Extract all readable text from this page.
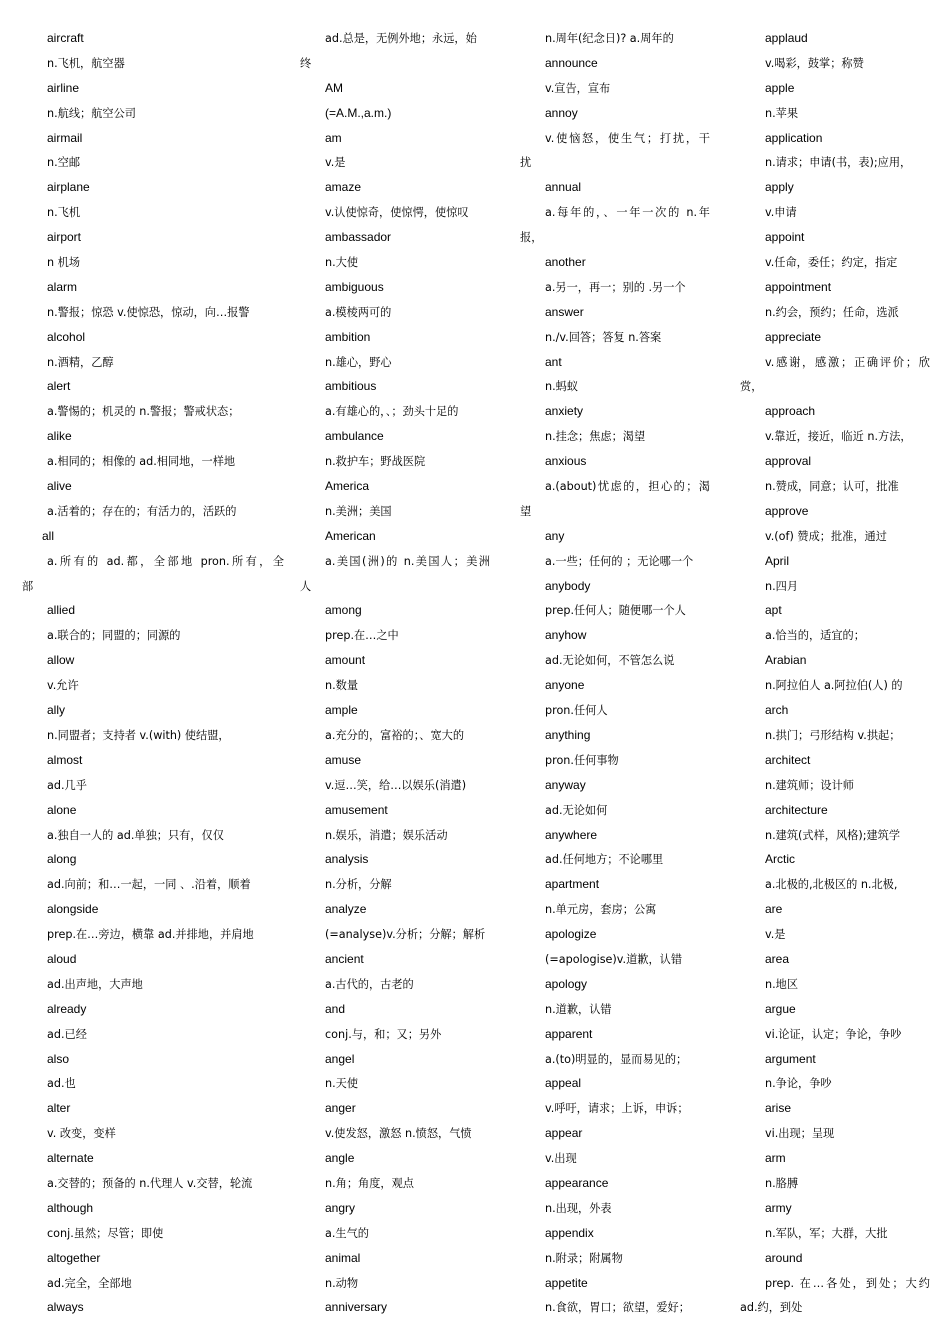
aircraft
n.飞机，航空器
airline
n.航线；航空公司
airmail
n.空邮
airplane
n.飞机
airport
n 机场
alarm
n.警报；惊恐 v.使惊恐，惊动，向…报警
alcohol
n.酒精，乙醇
alert
a.警惕的；机灵的 n.警报；警戒状态；
alike
a.相同的；相像的 ad.相同地，一样地
alive
a.活着的；存在的；有活力的，活跃的
all
a.所有的 ad.都，全部地 pron.所有，全
部
allied
a.联合的；同盟的；同源的
allow
v.允许
ally
n.同盟者；支持者 v.(with) 使结盟，
almost
ad.几乎
alone
a.独自一人的 ad.单独；只有，仅仅
along
ad.向前；和…一起，一同 、.沿着，顺着
alongside
prep.在…旁边，横靠 ad.并排地，并肩地
aloud
ad.出声地，大声地
already
ad.已经
also
ad.也
alter
v. 改变，变样
alternate
a.交替的；预备的 n.代理人 v.交替，轮流
although
conj.虽然；尽管；即使
altogether
ad.完全，全部地
always
ad.总是，无例外地；永远，始
终
AM
(=A.M.,a.m.)
am
v.是
amaze
v.认使惊奇，使惊愕，使惊叹
ambassador
n.大使
ambiguous
a.模棱两可的
ambition
n.雄心，野心
ambitious
a.有雄心的，、；劲头十足的
ambulance
n.救护车；野战医院
America
n.美洲；美国
American
a.美国(洲)的 n.美国人；美洲
人
among
prep.在…之中
amount
n.数量
ample
a.充分的，富裕的；、宽大的
amuse
v.逗…笑，给…以娱乐(消遣)
amusement
n.娱乐，消遣；娱乐活动
analysis
n.分析，分解
analyze
(=analyse)v.分析；分解；解析
ancient
a.古代的，古老的
and
conj.与，和；又；另外
angel
n.天使
anger
v.使发怒，激怒 n.愤怒，气愤
angle
n.角；角度，观点
angry
a.生气的
animal
n.动物
anniversary
n.周年(纪念日)? a.周年的
announce
v.宣告，宣布
annoy
v.使恼怒，使生气；打扰，干
扰
annual
a.每年的，、一年一次的 n.年
报，
another
a.另一，再一；别的 .另一个
answer
n./v.回答；答复 n.答案
ant
n.蚂蚁
anxiety
n.挂念；焦虑；渴望
anxious
a.(about)忧虑的，担心的；渴
望
any
a.一些；任何的 ；无论哪一个
anybody
prep.任何人；随便哪一个人
anyhow
ad.无论如何，不管怎么说
anyone
pron.任何人
anything
pron.任何事物
anyway
ad.无论如何
anywhere
ad.任何地方；不论哪里
apartment
n.单元房，套房；公寓
apologize
(=apologise)v.道歉，认错
apology
n.道歉，认错
apparent
a.(to)明显的，显而易见的；
appeal
v.呼吁，请求；上诉，申诉；
appear
v.出现
appearance
n.出现，外表
appendix
n.附录；附属物
appetite
n.食欲，胃口；欲望，爱好；
applaud
v.喝彩，鼓掌；称赞
apple
n.苹果
application
n.请求；申请(书，表);应用，
apply
v.申请
appoint
v.任命，委任；约定，指定
appointment
n.约会，预约；任命，选派
appreciate
v.感谢，感激；正确评价；欣
赏，
approach
v.靠近，接近，临近 n.方法，
approval
n.赞成，同意；认可，批准
approve
v.(of) 赞成；批准，通过
April
n.四月
apt
a.恰当的，适宜的；
Arabian
n.阿拉伯人 a.阿拉伯(人) 的
arch
n.拱门；弓形结构 v.拱起；
architect
n.建筑师；设计师
architecture
n.建筑(式样，风格);建筑学
Arctic
a.北极的,北极区的 n.北极,
are
v.是
area
n.地区
argue
vi.论证，认定；争论，争吵
argument
n.争论，争吵
arise
vi.出现；呈现
arm
n.胳膊
army
n.军队，军；大群，大批
around
prep. 在…各处，到处；大约
ad.约，到处
